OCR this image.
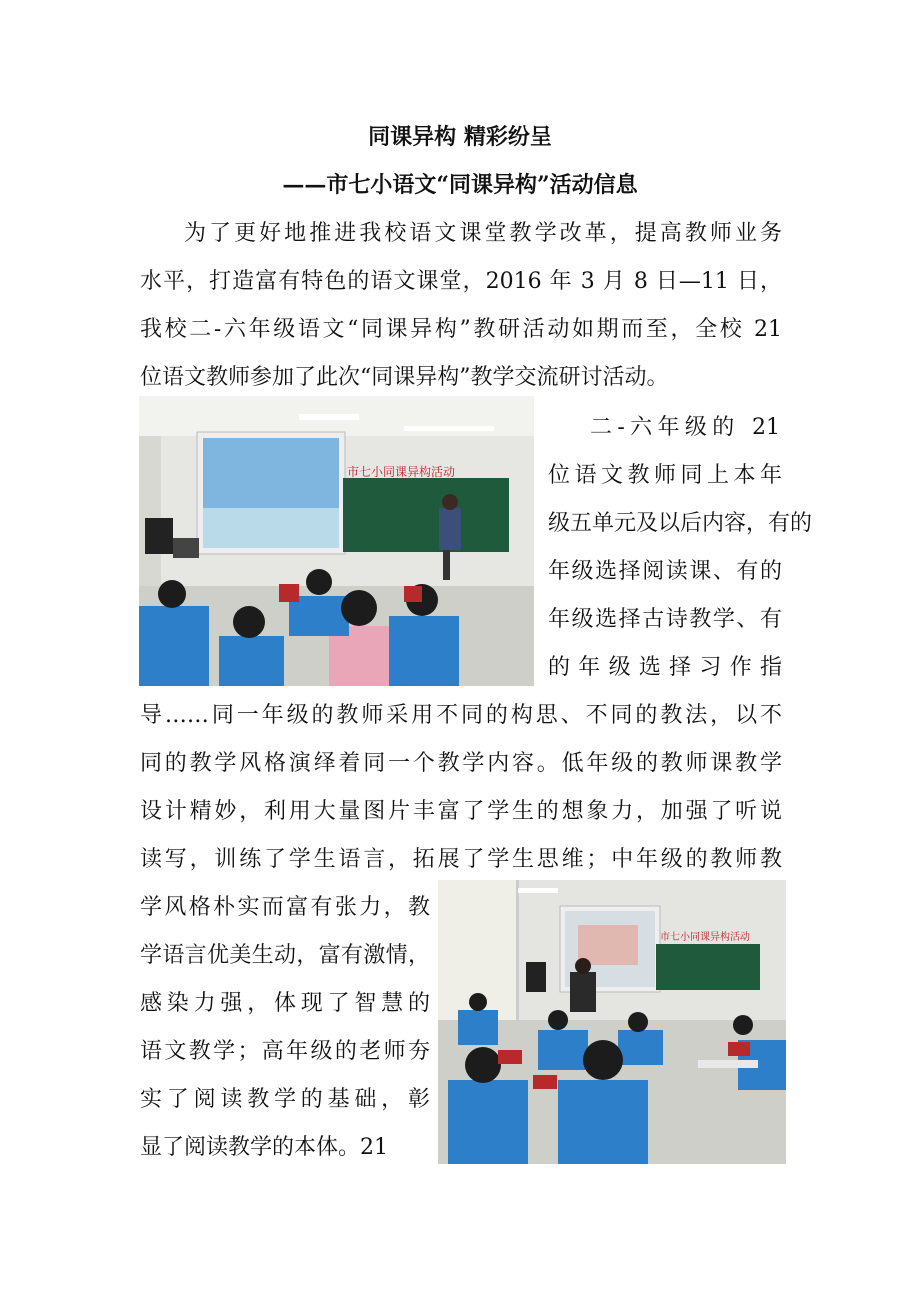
同课异构 精彩纷呈
——市七小语文“同课异构”活动信息
为了更好地推进我校语文课堂教学改革，提高教师业务
水平，打造富有特色的语文课堂，2016 年 3 月 8 日—11 日，
我校二-六年级语文“同课异构”教研活动如期而至，全校 21
位语文教师参加了此次“同课异构”教学交流研讨活动。
市七小同课异构活动
二-六年级的 21
位语文教师同上本年
级五单元及以后内容，有的
年级选择阅读课、有的
年级选择古诗教学、有
的 年 级 选 择 习 作 指
导……同一年级的教师采用不同的构思、不同的教法，以不
同的教学风格演绎着同一个教学内容。低年级的教师课教学
设计精妙，利用大量图片丰富了学生的想象力，加强了听说
读写，训练了学生语言，拓展了学生思维；中年级的教师教
学风格朴实而富有张力，教
学语言优美生动，富有激情，
感染力强，体现了智慧的
语文教学；高年级的老师夯
实了阅读教学的基础，彰
显了阅读教学的本体。21
市七小同课异构活动
